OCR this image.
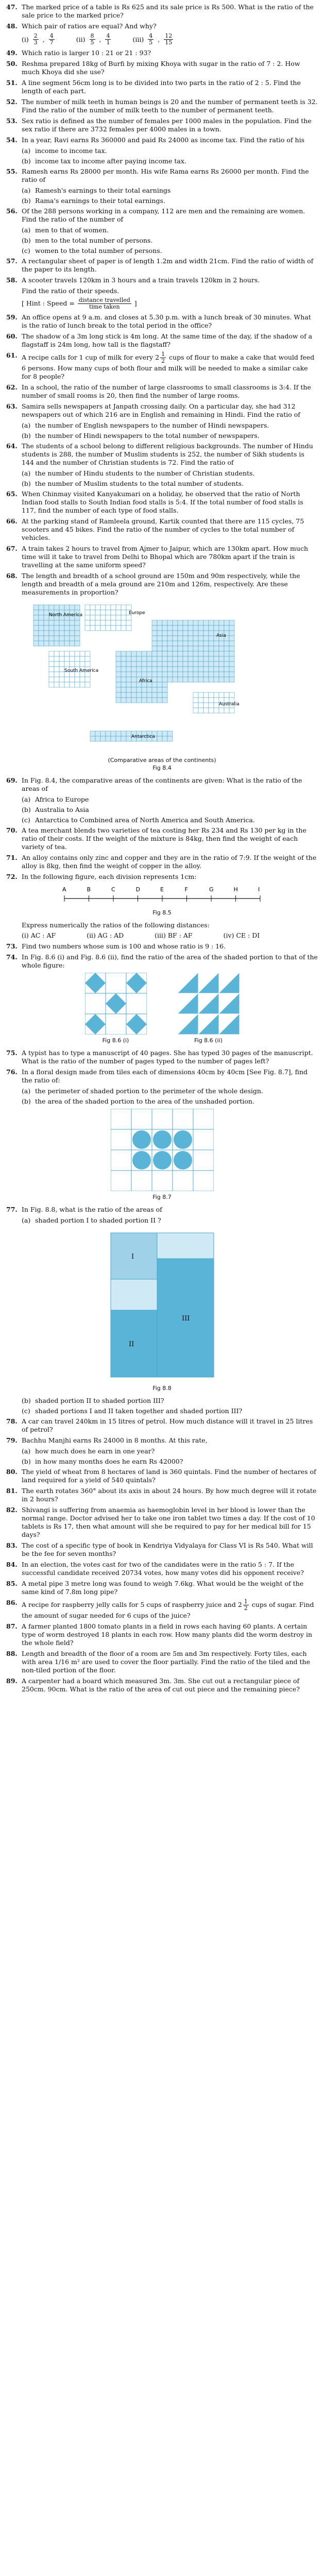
47. The marked price of a table is Rs 625 and its sale price is Rs 500. What is the ratio of the sale price to the marked price?
48. Which pair of ratios are equal? And why?
$(i) \frac{2}{3}$ , $\frac{4}{7}$	$(ii) \frac{8}{5}$ , $\frac{4}{1}$	$(iii) \frac{4}{5}$ , $\frac{12}{15}$
49. Which ratio is larger 10 : 21 or 21 : 93?
50. Reshma prepared 18kg of Burfi by mixing Khoya with sugar in the ratio of 7 : 2. How much Khoya did she use?
51. A line segment 56cm long is to be divided into two parts in the ratio of 2 : 5. Find the length of each part.
52. The number of milk teeth in human beings is 20 and the number of permanent teeth is 32. Find the ratio of the number of milk teeth to the number of permanent teeth.
53. Sex ratio is defined as the number of females per 1000 males in the population. Find the sex ratio if there are 3732 females per 4000 males in a town.
54. In a year, Ravi earns Rs 360000 and paid Rs 24000 as income tax. Find the ratio of his
(a) income to income tax.
(b) income tax to income after paying income tax.
55. Ramesh earns Rs 28000 per month. His wife Rama earns Rs 26000 per month. Find the ratio of
(a) Ramesh's earnings to their total earnings
(b) Rama's earnings to their total earnings.
56. Of the 288 persons working in a company, 112 are men and the remaining are women. Find the ratio of the number of
(a) men to that of women.
(b) men to the total number of persons.
(c) women to the total number of persons.
57. A rectangular sheet of paper is of length 1.2m and width 21cm. Find the ratio of width of the paper to its length.
58. A scooter travels 120km in 3 hours and a train travels 120km in 2 hours.
Find the ratio of their speeds.
[ Hint : Speed = $\frac{\text{distance travelled}}{\text{time taken}}$ ]
59. An office opens at 9 a.m. and closes at 5.30 p.m. with a lunch break of 30 minutes. What is the ratio of lunch break to the total period in the office?
60. The shadow of a 3m long stick is 4m long. At the same time of the day, if the shadow of a flagstaff is 24m long, how tall is the flagstaff?
61. A recipe calls for 1 cup of milk for every $2 \frac{1}{2}$ cups of flour to make a cake that would feed 6 persons. How many cups of both flour and milk will be needed to make a similar cake for 8 people?
62. In a school, the ratio of the number of large classrooms to small classrooms is 3:4. If the number of small rooms is 20, then find the number of large rooms.
63. Samira sells newspapers at Janpath crossing daily. On a particular day, she had 312 newspapers out of which 216 are in English and remaining in Hindi. Find the ratio of
(a) the number of English newspapers to the number of Hindi newspapers.
(b) the number of Hindi newspapers to the total number of newspapers.
64. The students of a school belong to different religious backgrounds. The number of Hindu students is 288, the number of Muslim students is 252, the number of Sikh students is 144 and the number of Christian students is 72. Find the ratio of
(a) the number of Hindu students to the number of Christian students.
(b) the number of Muslim students to the total number of students.
65. When Chinmay visited Kanyakumari on a holiday, he observed that the ratio of North Indian food stalls to South Indian food stalls is 5:4. If the total number of food stalls is 117, find the number of each type of food stalls.
66. At the parking stand of Ramleela ground, Kartik counted that there are 115 cycles, 75 scooters and 45 bikes. Find the ratio of the number of cycles to the total number of vehicles.
67. A train takes 2 hours to travel from Ajmer to Jaipur, which are 130km apart. How much time will it take to travel from Delhi to Bhopal which are 780km apart if the train is travelling at the same uniform speed?
68. The length and breadth of a school ground are 150m and 90m respectively, while the length and breadth of a mela ground are 210m and 126m, respectively. Are these measurements in proportion?
North America	Europe
Asia
South America
Africa
Australia
Antarctica
(Comparative areas of the continents)
Fig 8.4
69. In Fig. 8.4, the comparative areas of the continents are given: What is the ratio of the areas of
(a) Africa to Europe
(b) Australia to Asia
(c) Antarctica to Combined area of North America and South America.
70. A tea merchant blends two varieties of tea costing her Rs 234 and Rs 130 per kg in the ratio of their costs. If the weight of the mixture is 84kg, then find the weight of each variety of tea.
71. An alloy contains only zinc and copper and they are in the ratio of 7:9. If the weight of the alloy is 8kg, then find the weight of copper in the alloy.
72. In the following figure, each division represents 1cm:
A	B	C	D	E	F	G	H	I
Fig 8.5
Express numerically the ratios of the following distances:
(i) AC : AF	(ii) AG : AD	(iii) BF : AF	(iv) CE : DI
73. Find two numbers whose sum is 100 and whose ratio is 9 : 16.
74. In Fig. 8.6 (i) and Fig. 8.6 (ii), find the ratio of the area of the shaded portion to that of the whole figure:
Fig 8.6 (i)	Fig 8.6 (ii)
75. A typist has to type a manuscript of 40 pages. She has typed 30 pages of the manuscript. What is the ratio of the number of pages typed to the number of pages left?
76. In a floral design made from tiles each of dimensions 40cm by 40cm [See Fig. 8.7], find the ratio of:
(a) the perimeter of shaded portion to the perimeter of the whole design.
(b) the area of the shaded portion to the area of the unshaded portion.
Fig 8.7
77. In Fig. 8.8, what is the ratio of the areas of
(a) shaded portion I to shaded portion II ?
I
II
III
Fig 8.8
(b) shaded portion II to shaded portion III?
(c) shaded portions I and II taken together and shaded portion III?
78. A car can travel 240km in 15 litres of petrol. How much distance will it travel in 25 litres of petrol?
79. Bachhu Manjhi earns Rs 24000 in 8 months. At this rate,
(a) how much does he earn in one year?
(b) in how many months does he earn Rs 42000?
80. The yield of wheat from 8 hectares of land is 360 quintals. Find the number of hectares of land required for a yield of 540 quintals?
81. The earth rotates 360° about its axis in about 24 hours. By how much degree will it rotate in 2 hours?
82. Shivangi is suffering from anaemia as haemoglobin level in her blood is lower than the normal range. Doctor advised her to take one iron tablet two times a day. If the cost of 10 tablets is Rs 17, then what amount will she be required to pay for her medical bill for 15 days?
83. The cost of a specific type of book in Kendriya Vidyalaya for Class VI is Rs 540. What will be the fee for seven months?
84. In an election, the votes cast for two of the candidates were in the ratio 5 : 7. If the successful candidate received 20734 votes, how many votes did his opponent receive?
85. A metal pipe 3 metre long was found to weigh 7.6kg. What would be the weight of the same kind of 7.8m long pipe?
86. A recipe for raspberry jelly calls for 5 cups of raspberry juice and $2 \frac{1}{2}$ cups of sugar. Find the amount of sugar needed for 6 cups of the juice?
87. A farmer planted 1800 tomato plants in a field in rows each having 60 plants. A certain type of worm destroyed 18 plants in each row. How many plants did the worm destroy in the whole field?
88. Length and breadth of the floor of a room are 5m and 3m respectively. Forty tiles, each with area 1/16 m² are used to cover the floor partially. Find the ratio of the tiled and the non-tiled portion of the floor.
89. A carpenter had a board which measured 3m. 3m. She cut out a rectangular piece of 250cm. 90cm. What is the ratio of the area of cut out piece and the remaining piece?
